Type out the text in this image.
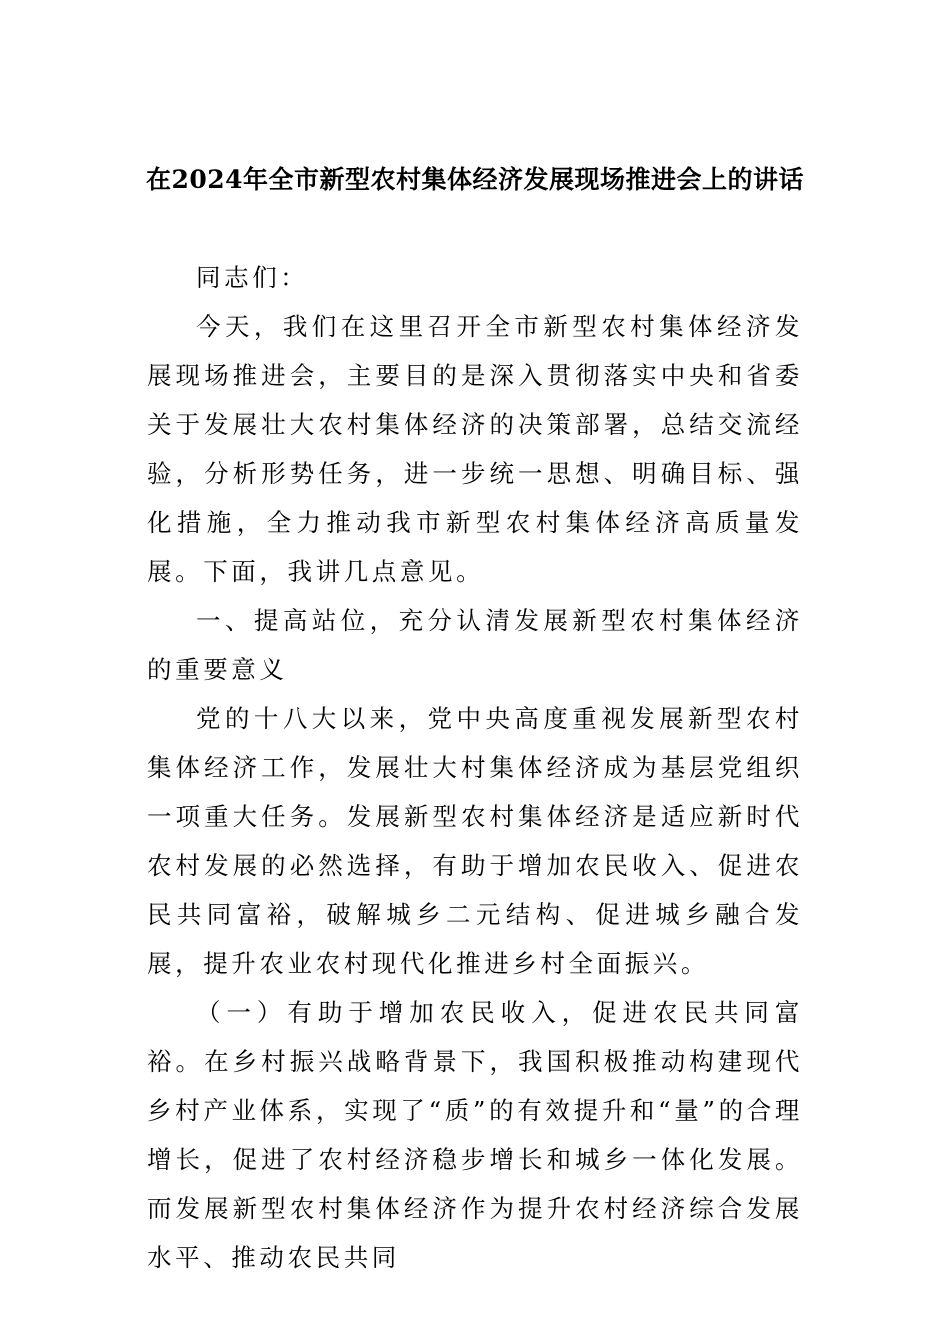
在2024年全市新型农村集体经济发展现场推进会上的讲话

同志们：

今天，我们在这里召开全市新型农村集体经济发展现场推进会，主要目的是深入贯彻落实中央和省委关于发展壮大农村集体经济的决策部署，总结交流经验，分析形势任务，进一步统一思想、明确目标、强化措施，全力推动我市新型农村集体经济高质量发展。下面，我讲几点意见。

一、提高站位，充分认清发展新型农村集体经济的重要意义

党的十八大以来，党中央高度重视发展新型农村集体经济工作，发展壮大村集体经济成为基层党组织一项重大任务。发展新型农村集体经济是适应新时代农村发展的必然选择，有助于增加农民收入、促进农民共同富裕，破解城乡二元结构、促进城乡融合发展，提升农业农村现代化推进乡村全面振兴。

（一）有助于增加农民收入，促进农民共同富裕。在乡村振兴战略背景下，我国积极推动构建现代乡村产业体系，实现了“质”的有效提升和“量”的合理增长，促进了农村经济稳步增长和城乡一体化发展。而发展新型农村集体经济作为提升农村经济综合发展水平、推动农民共同
